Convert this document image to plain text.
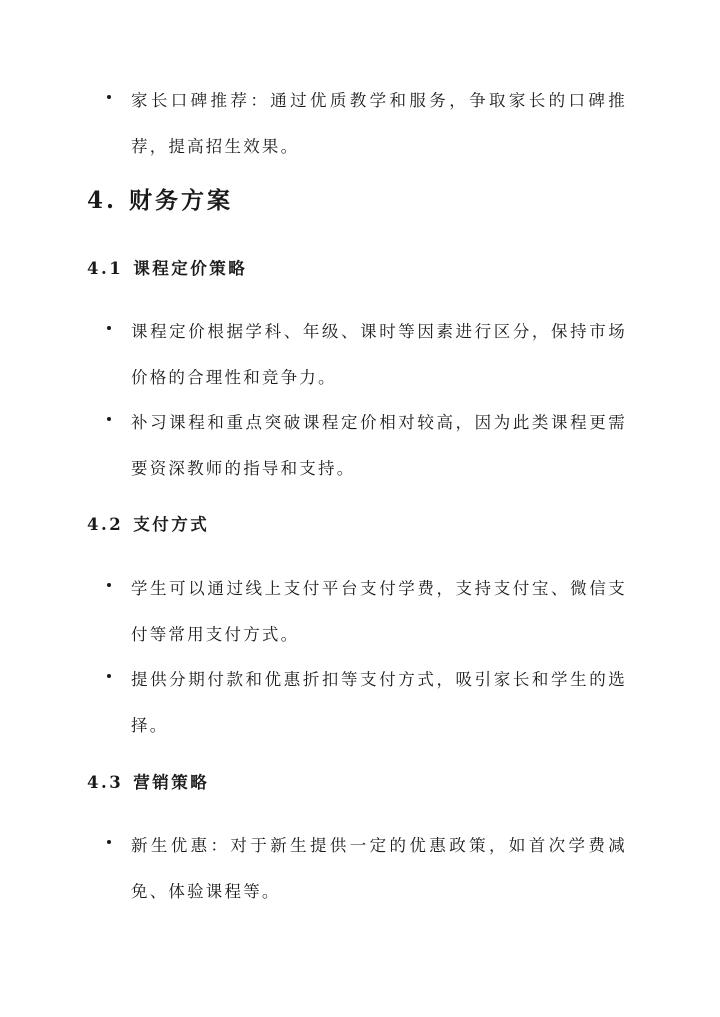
家长口碑推荐：通过优质教学和服务，争取家长的口碑推荐，提高招生效果。
4. 财务方案
4.1 课程定价策略
课程定价根据学科、年级、课时等因素进行区分，保持市场价格的合理性和竞争力。
补习课程和重点突破课程定价相对较高，因为此类课程更需要资深教师的指导和支持。
4.2 支付方式
学生可以通过线上支付平台支付学费，支持支付宝、微信支付等常用支付方式。
提供分期付款和优惠折扣等支付方式，吸引家长和学生的选择。
4.3 营销策略
新生优惠：对于新生提供一定的优惠政策，如首次学费减免、体验课程等。
